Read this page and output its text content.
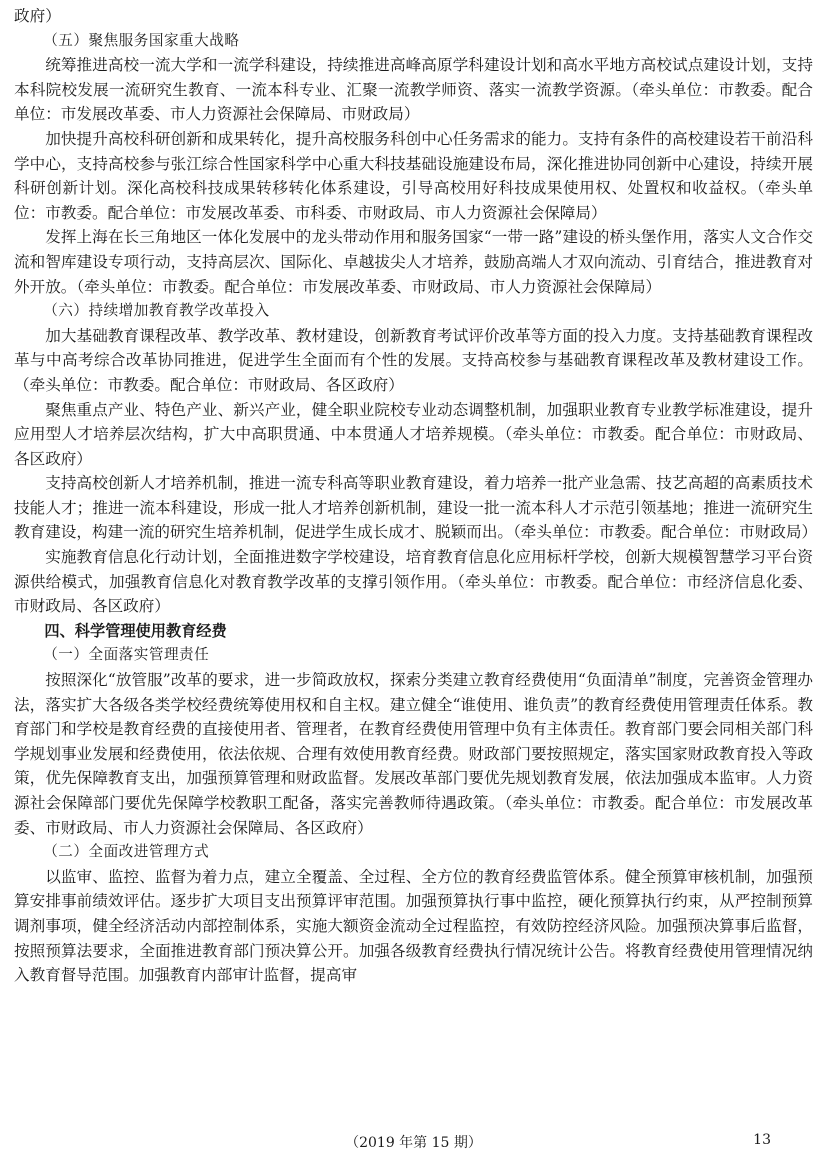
政府）

（五）聚焦服务国家重大战略

统筹推进高校一流大学和一流学科建设，持续推进高峰高原学科建设计划和高水平地方高校试点建设计划，支持本科院校发展一流研究生教育、一流本科专业、汇聚一流教学师资、落实一流教学资源。（牵头单位：市教委。配合单位：市发展改革委、市人力资源社会保障局、市财政局）

加快提升高校科研创新和成果转化，提升高校服务科创中心任务需求的能力。支持有条件的高校建设若干前沿科学中心，支持高校参与张江综合性国家科学中心重大科技基础设施建设布局，深化推进协同创新中心建设，持续开展科研创新计划。深化高校科技成果转移转化体系建设，引导高校用好科技成果使用权、处置权和收益权。（牵头单位：市教委。配合单位：市发展改革委、市科委、市财政局、市人力资源社会保障局）

发挥上海在长三角地区一体化发展中的龙头带动作用和服务国家“一带一路”建设的桥头堡作用，落实人文合作交流和智库建设专项行动，支持高层次、国际化、卓越拔尖人才培养，鼓励高端人才双向流动、引育结合，推进教育对外开放。（牵头单位：市教委。配合单位：市发展改革委、市财政局、市人力资源社会保障局）

（六）持续增加教育教学改革投入

加大基础教育课程改革、教学改革、教材建设，创新教育考试评价改革等方面的投入力度。支持基础教育课程改革与中高考综合改革协同推进，促进学生全面而有个性的发展。支持高校参与基础教育课程改革及教材建设工作。（牵头单位：市教委。配合单位：市财政局、各区政府）

聚焦重点产业、特色产业、新兴产业，健全职业院校专业动态调整机制，加强职业教育专业教学标准建设，提升应用型人才培养层次结构，扩大中高职贯通、中本贯通人才培养规模。（牵头单位：市教委。配合单位：市财政局、各区政府）

支持高校创新人才培养机制，推进一流专科高等职业教育建设，着力培养一批产业急需、技艺高超的高素质技术技能人才；推进一流本科建设，形成一批人才培养创新机制，建设一批一流本科人才示范引领基地；推进一流研究生教育建设，构建一流的研究生培养机制，促进学生成长成才、脱颖而出。（牵头单位：市教委。配合单位：市财政局）

实施教育信息化行动计划，全面推进数字学校建设，培育教育信息化应用标杆学校，创新大规模智慧学习平台资源供给模式，加强教育信息化对教育教学改革的支撑引领作用。（牵头单位：市教委。配合单位：市经济信息化委、市财政局、各区政府）

四、科学管理使用教育经费

（一）全面落实管理责任

按照深化“放管服”改革的要求，进一步简政放权，探索分类建立教育经费使用“负面清单”制度，完善资金管理办法，落实扩大各级各类学校经费统筹使用权和自主权。建立健全“谁使用、谁负责”的教育经费使用管理责任体系。教育部门和学校是教育经费的直接使用者、管理者，在教育经费使用管理中负有主体责任。教育部门要会同相关部门科学规划事业发展和经费使用，依法依规、合理有效使用教育经费。财政部门要按照规定，落实国家财政教育投入等政策，优先保障教育支出，加强预算管理和财政监督。发展改革部门要优先规划教育发展，依法加强成本监审。人力资源社会保障部门要优先保障学校教职工配备，落实完善教师待遇政策。（牵头单位：市教委。配合单位：市发展改革委、市财政局、市人力资源社会保障局、各区政府）

（二）全面改进管理方式

以监审、监控、监督为着力点，建立全覆盖、全过程、全方位的教育经费监管体系。健全预算审核机制，加强预算安排事前绩效评估。逐步扩大项目支出预算评审范围。加强预算执行事中监控，硬化预算执行约束，从严控制预算调剂事项，健全经济活动内部控制体系，实施大额资金流动全过程监控，有效防控经济风险。加强预决算事后监督，按照预算法要求，全面推进教育部门预决算公开。加强各级教育经费执行情况统计公告。将教育经费使用管理情况纳入教育督导范围。加强教育内部审计监督，提高审

（2019 年第 15 期）	13
